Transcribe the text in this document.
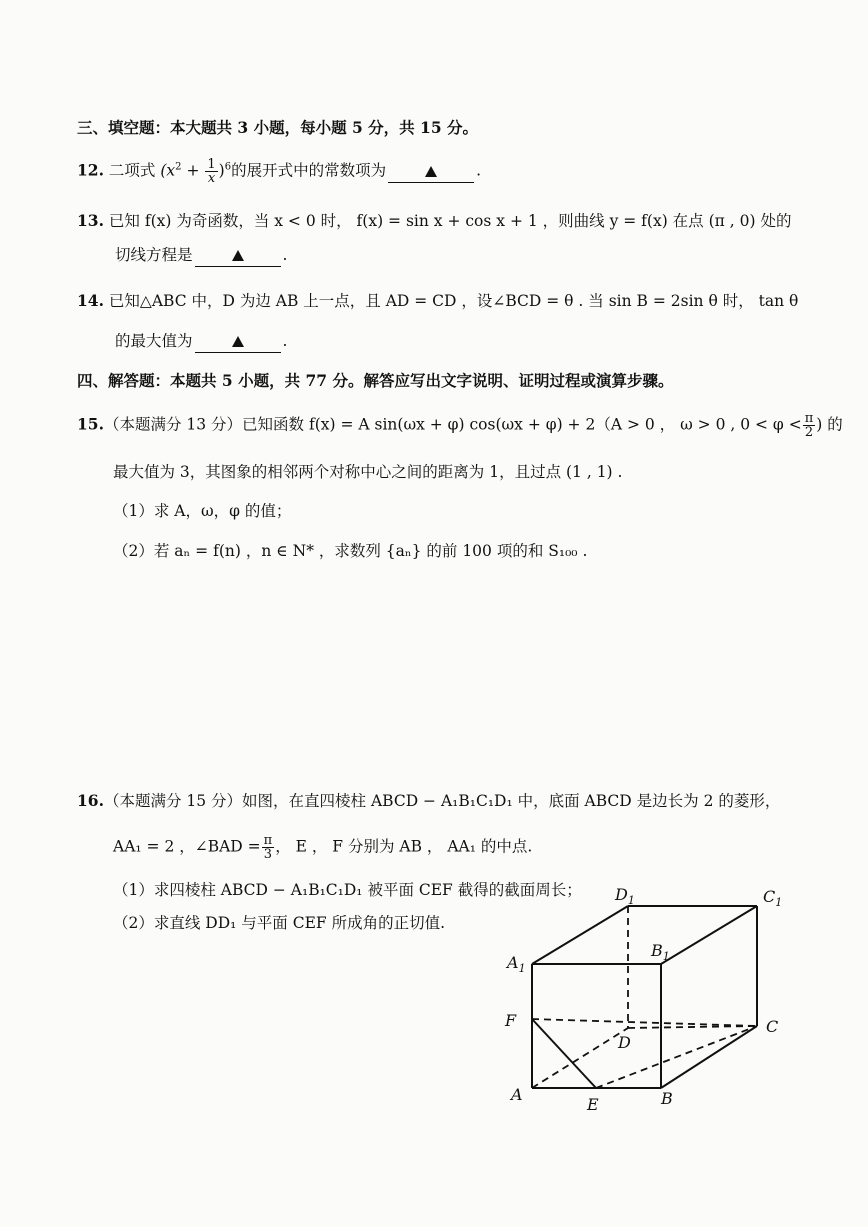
三、填空题：本大题共 3 小题，每小题 5 分，共 15 分。
12. 二项式 $(x^2 + \frac{1}{x} )^6$的展开式中的常数项为	.
13. 已知 f(x) 为奇函数，当 x < 0 时， f(x) = sin x + cos x + 1 ，则曲线 y = f(x) 在点 (π , 0) 处的
切线方程是	.
14. 已知△ABC 中，D 为边 AB 上一点，且 AD = CD ，设∠BCD = θ . 当 sin B = 2sin θ 时， tan θ
的最大值为	.
四、解答题：本题共 5 小题，共 77 分。解答应写出文字说明、证明过程或演算步骤。
15.（本题满分 13 分）已知函数 f(x) = A sin(ωx + φ) cos(ωx + φ) + 2（A > 0 ， ω > 0 , $0 < \varphi < \frac{\pi}{2}$ ) 的
最大值为 3，其图象的相邻两个对称中心之间的距离为 1，且过点 (1 , 1) .
（1）求 A，ω，φ 的值；
（2）若 aₙ = f(n) ，n ∈ N* ，求数列 {aₙ} 的前 100 项的和 S₁₀₀ .
16.（本题满分 15 分）如图，在直四棱柱 ABCD − A₁B₁C₁D₁ 中，底面 ABCD 是边长为 2 的菱形，
AA₁ = 2 ，∠BAD = $\frac{\pi}{3}$ ， E ， F 分别为 AB ， AA₁ 的中点.
（1）求四棱柱 ABCD − A₁B₁C₁D₁ 被平面 CEF 截得的截面周长；
（2）求直线 DD₁ 与平面 CEF 所成角的正切值.
$D_1$	$C_1$
$A_1$
$B_1$
F
D
C
A
E	B
